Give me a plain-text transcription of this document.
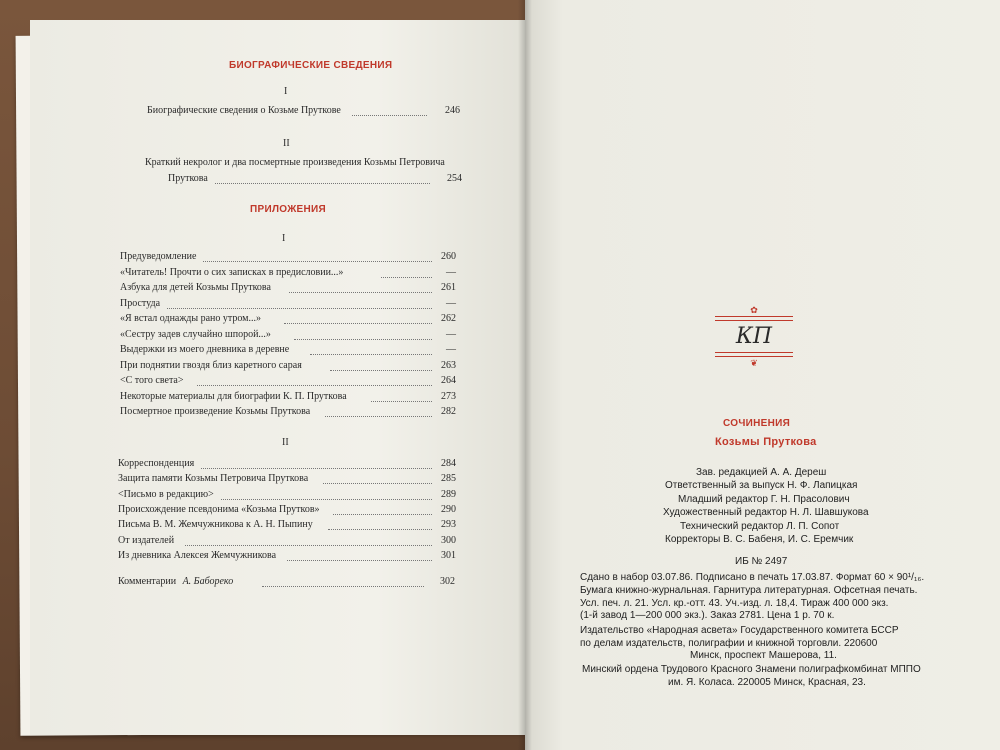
БИОГРАФИЧЕСКИЕ СВЕДЕНИЯ
I
Биографические сведения о Козьме Пруткове	246
II
Краткий некролог и два посмертные произведения Козьмы Петровича
Пруткова	254
ПРИЛОЖЕНИЯ
I
Предуведомление	260
«Читатель! Прочти о сих записках в предисловии...»	—
Азбука для детей Козьмы Пруткова	261
Простуда	—
«Я встал однажды рано утром...»	262
«Сестру задев случайно шпорой...»	—
Выдержки из моего дневника в деревне	—
При поднятии гвоздя близ каретного сарая	263
<С того света>	264
Некоторые материалы для биографии К. П. Пруткова	273
Посмертное произведение Козьмы Пруткова	282
II
Корреспонденция	284
Защита памяти Козьмы Петровича Пруткова	285
<Письмо в редакцию>	289
Происхождение псевдонима «Козьма Прутков»	290
Письма В. М. Жемчужникова к А. Н. Пыпину	293
От издателей	300
Из дневника Алексея Жемчужникова	301
Комментарии А. Бабореко	302
✿
КП
❦
СОЧИНЕНИЯ
Козьмы Пруткова
Зав. редакцией А. А. Дереш
Ответственный за выпуск Н. Ф. Лапицкая
Младший редактор Г. Н. Прасолович
Художественный редактор Н. Л. Шавшукова
Технический редактор Л. П. Сопот
Корректоры В. С. Бабеня, И. С. Еремчик
ИБ № 2497
Сдано в набор 03.07.86. Подписано в печать 17.03.87. Формат 60 × 90¹/₁₆.
Бумага книжно-журнальная. Гарнитура литературная. Офсетная печать.
Усл. печ. л. 21. Усл. кр.-отт. 43. Уч.-изд. л. 18,4. Тираж 400 000 экз.
(1-й завод 1—200 000 экз.). Заказ 2781. Цена 1 р. 70 к.
Издательство «Народная асвета» Государственного комитета БССР
по делам издательств, полиграфии и книжной торговли. 220600
Минск, проспект Машерова, 11.
Минский ордена Трудового Красного Знамени полиграфкомбинат МППО
им. Я. Коласа. 220005 Минск, Красная, 23.
